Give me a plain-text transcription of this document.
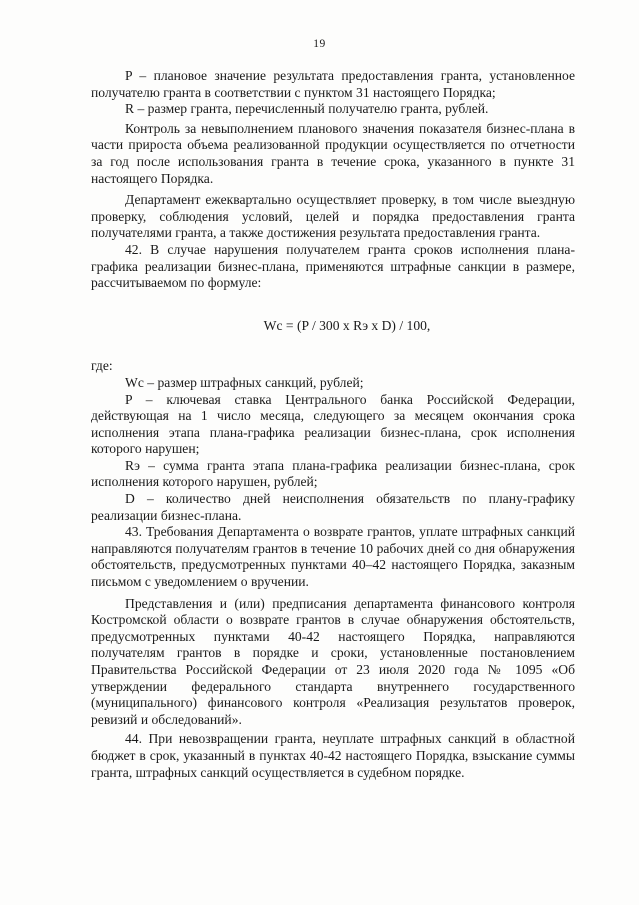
19

P – плановое значение результата предоставления гранта, установленное получателю гранта в соответствии с пунктом 31 настоящего Порядка;

R – размер гранта, перечисленный получателю гранта, рублей.

Контроль за невыполнением планового значения показателя бизнес-плана в части прироста объема реализованной продукции осуществляется по отчетности за год после использования гранта в течение срока, указанного в пункте 31 настоящего Порядка.

Департамент ежеквартально осуществляет проверку, в том числе выездную проверку, соблюдения условий, целей и порядка предоставления гранта получателями гранта, а также достижения результата предоставления гранта.

42. В случае нарушения получателем гранта сроков исполнения плана-графика реализации бизнес-плана, применяются штрафные санкции в размере, рассчитываемом по формуле:

Wc = (P / 300 x Rэ x D) / 100,

где:

Wc – размер штрафных санкций, рублей;

P – ключевая ставка Центрального банка Российской Федерации, действующая на 1 число месяца, следующего за месяцем окончания срока исполнения этапа плана-графика реализации бизнес-плана, срок исполнения которого нарушен;

Rэ – сумма гранта этапа плана-графика реализации бизнес-плана, срок исполнения которого нарушен, рублей;

D – количество дней неисполнения обязательств по плану-графику реализации бизнес-плана.

43. Требования Департамента о возврате грантов, уплате штрафных санкций направляются получателям грантов в течение 10 рабочих дней со дня обнаружения обстоятельств, предусмотренных пунктами 40–42 настоящего Порядка, заказным письмом с уведомлением о вручении.

Представления и (или) предписания департамента финансового контроля Костромской области о возврате грантов в случае обнаружения обстоятельств, предусмотренных пунктами 40-42 настоящего Порядка, направляются получателям грантов в порядке и сроки, установленные постановлением Правительства Российской Федерации от 23 июля 2020 года № 1095 «Об утверждении федерального стандарта внутреннего государственного (муниципального) финансового контроля «Реализация результатов проверок, ревизий и обследований».

44. При невозвращении гранта, неуплате штрафных санкций в областной бюджет в срок, указанный в пунктах 40-42 настоящего Порядка, взыскание суммы гранта, штрафных санкций осуществляется в судебном порядке.
